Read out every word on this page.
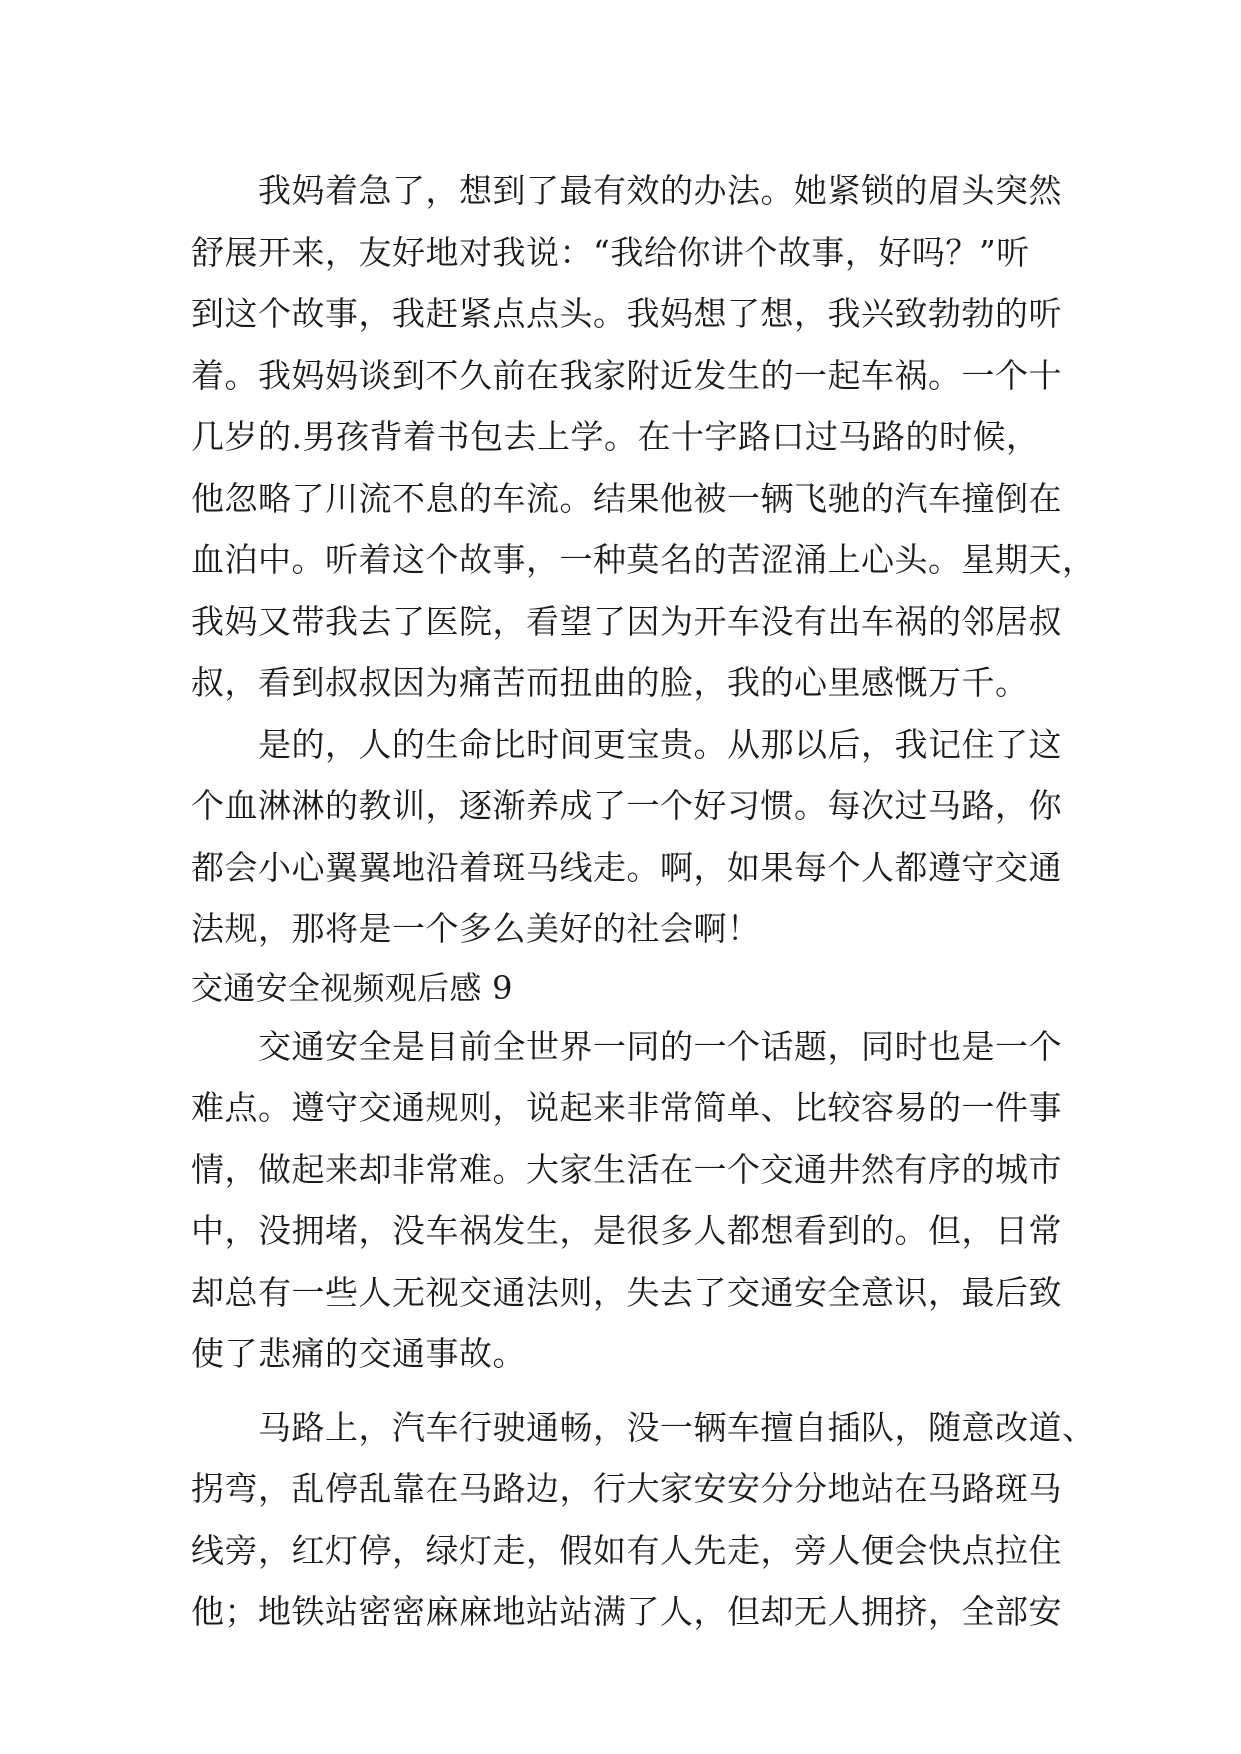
我妈着急了，想到了最有效的办法。她紧锁的眉头突然
舒展开来，友好地对我说：“我给你讲个故事，好吗？”听
到这个故事，我赶紧点点头。我妈想了想，我兴致勃勃的听
着。我妈妈谈到不久前在我家附近发生的一起车祸。一个十
几岁的.男孩背着书包去上学。在十字路口过马路的时候，
他忽略了川流不息的车流。结果他被一辆飞驰的汽车撞倒在
血泊中。听着这个故事，一种莫名的苦涩涌上心头。星期天，
我妈又带我去了医院，看望了因为开车没有出车祸的邻居叔
叔，看到叔叔因为痛苦而扭曲的脸，我的心里感慨万千。
是的，人的生命比时间更宝贵。从那以后，我记住了这
个血淋淋的教训，逐渐养成了一个好习惯。每次过马路，你
都会小心翼翼地沿着斑马线走。啊，如果每个人都遵守交通
法规，那将是一个多么美好的社会啊！
交通安全视频观后感 9
交通安全是目前全世界一同的一个话题，同时也是一个
难点。遵守交通规则，说起来非常简单、比较容易的一件事
情，做起来却非常难。大家生活在一个交通井然有序的城市
中，没拥堵，没车祸发生，是很多人都想看到的。但，日常
却总有一些人无视交通法则，失去了交通安全意识，最后致
使了悲痛的交通事故。
马路上，汽车行驶通畅，没一辆车擅自插队，随意改道、
拐弯，乱停乱靠在马路边，行大家安安分分地站在马路斑马
线旁，红灯停，绿灯走，假如有人先走，旁人便会快点拉住
他；地铁站密密麻麻地站站满了人，但却无人拥挤，全部安
